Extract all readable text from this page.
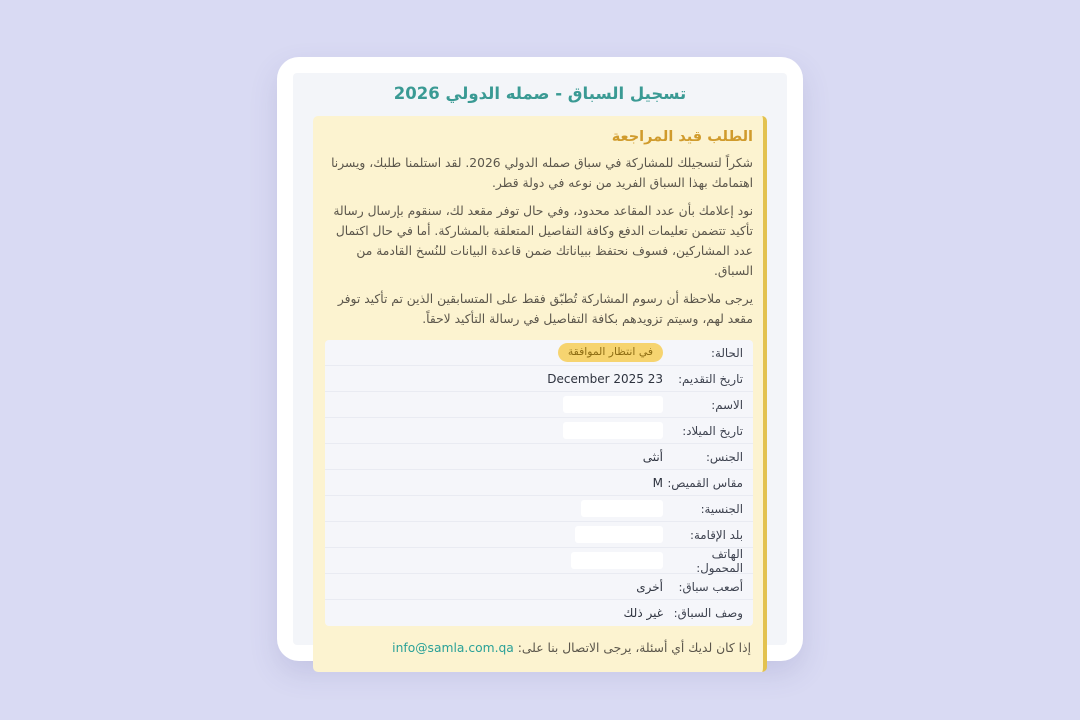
تسجيل السباق - صمله الدولي 2026
الطلب قيد المراجعة

شكراً لتسجيلك للمشاركة في سباق صمله الدولي 2026. لقد استلمنا طلبك، ويسرنا اهتمامك بهذا السباق الفريد من نوعه في دولة قطر.

نود إعلامك بأن عدد المقاعد محدود، وفي حال توفر مقعد لك، سنقوم بإرسال رسالة تأكيد تتضمن تعليمات الدفع وكافة التفاصيل المتعلقة بالمشاركة. أما في حال اكتمال عدد المشاركين، فسوف نحتفظ ببياناتك ضمن قاعدة البيانات للنُسخ القادمة من السباق.

يرجى ملاحظة أن رسوم المشاركة تُطبّق فقط على المتسابقين الذين تم تأكيد توفر مقعد لهم، وسيتم تزويدهم بكافة التفاصيل في رسالة التأكيد لاحقاً.

الحالة:
في انتظار الموافقة
تاريخ التقديم:
23 December 2025
الاسم:
تاريخ الميلاد:
الجنس:
أنثى
مقاس القميص:
M
الجنسية:
بلد الإقامة:
الهاتف المحمول:
أصعب سباق:
أخرى
وصف السباق:
غير ذلك
إذا كان لديك أي أسئلة، يرجى الاتصال بنا على: info@samla.com.qa
